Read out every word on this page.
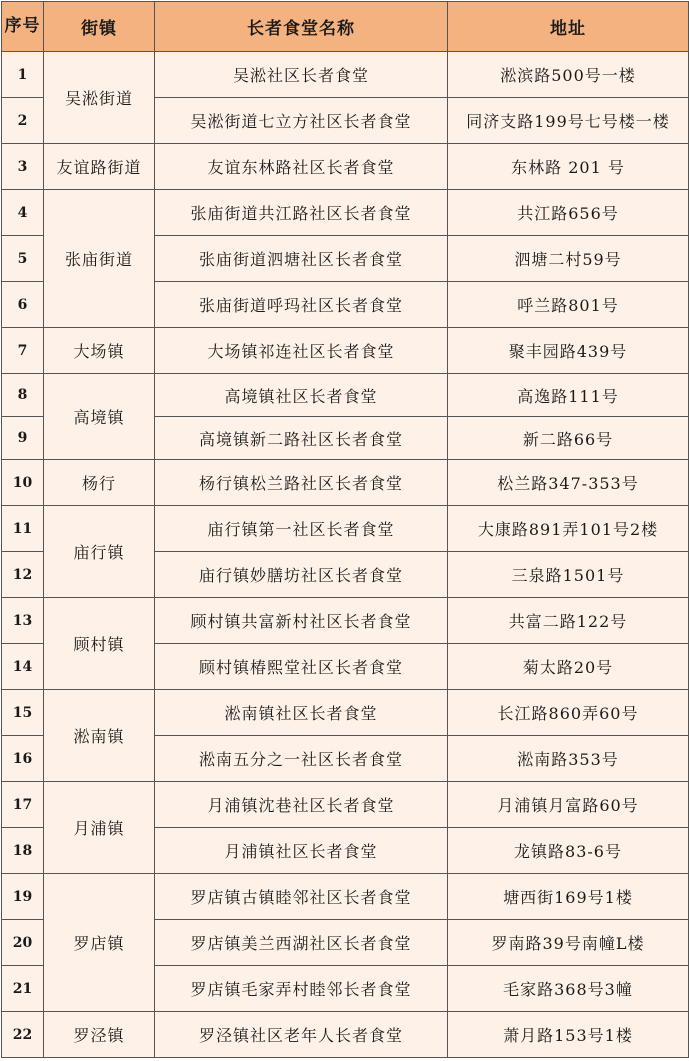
序号	街镇	长者食堂名称	地址
1	吴淞街道	吴淞社区长者食堂	淞滨路500号一楼
2		吴淞街道七立方社区长者食堂	同济支路199号七号楼一楼
3	友谊路街道	友谊东林路社区长者食堂	东林路 201 号
4	张庙街道	张庙街道共江路社区长者食堂	共江路656号
5		张庙街道泗塘社区长者食堂	泗塘二村59号
6		张庙街道呼玛社区长者食堂	呼兰路801号
7	大场镇	大场镇祁连社区长者食堂	聚丰园路439号
8	高境镇	高境镇社区长者食堂	高逸路111号
9		高境镇新二路社区长者食堂	新二路66号
10	杨行	杨行镇松兰路社区长者食堂	松兰路347-353号
11	庙行镇	庙行镇第一社区长者食堂	大康路891弄101号2楼
12		庙行镇妙膳坊社区长者食堂	三泉路1501号
13	顾村镇	顾村镇共富新村社区长者食堂	共富二路122号
14		顾村镇椿熙堂社区长者食堂	菊太路20号
15	淞南镇	淞南镇社区长者食堂	长江路860弄60号
16		淞南五分之一社区长者食堂	淞南路353号
17	月浦镇	月浦镇沈巷社区长者食堂	月浦镇月富路60号
18		月浦镇社区长者食堂	龙镇路83-6号
19	罗店镇	罗店镇古镇睦邻社区长者食堂	塘西街169号1楼
20		罗店镇美兰西湖社区长者食堂	罗南路39号南幢L楼
21		罗店镇毛家弄村睦邻长者食堂	毛家路368号3幢
22	罗泾镇	罗泾镇社区老年人长者食堂	萧月路153号1楼
